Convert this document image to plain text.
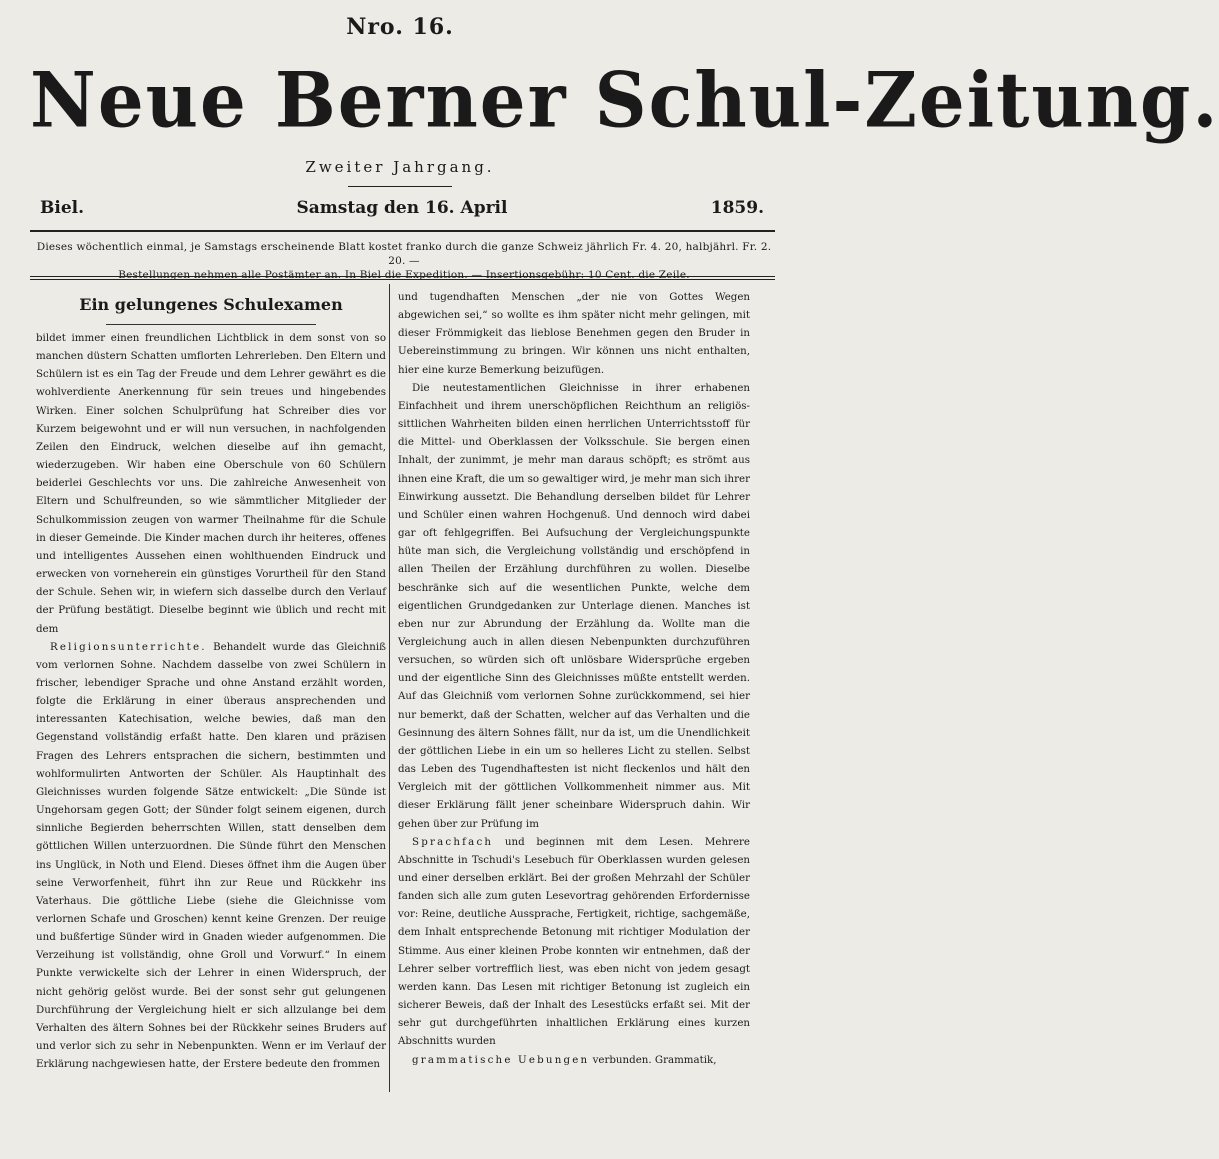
Nro. 16.
Neue Berner Schul-Zeitung.
Zweiter Jahrgang.
Biel.	Samstag den 16. April	1859.
Dieses wöchentlich einmal, je Samstags erscheinende Blatt kostet franko durch die ganze Schweiz jährlich Fr. 4. 20, halbjährl. Fr. 2. 20. —
Bestellungen nehmen alle Postämter an. In Biel die Expedition. — Insertionsgebühr: 10 Cent. die Zeile.
Ein gelungenes Schulexamen

bildet immer einen freundlichen Lichtblick in dem sonst von so manchen düstern Schatten umflorten Lehrerleben. Den Eltern und Schülern ist es ein Tag der Freude und dem Lehrer gewährt es die wohlverdiente Anerkennung für sein treues und hingebendes Wirken. Einer solchen Schulprüfung hat Schreiber dies vor Kurzem beigewohnt und er will nun versuchen, in nachfolgenden Zeilen den Eindruck, welchen dieselbe auf ihn gemacht, wiederzugeben. Wir haben eine Oberschule von 60 Schülern beiderlei Geschlechts vor uns. Die zahlreiche Anwesenheit von Eltern und Schulfreunden, so wie sämmtlicher Mitglieder der Schulkommission zeugen von warmer Theilnahme für die Schule in dieser Gemeinde. Die Kinder machen durch ihr heiteres, offenes und intelligentes Aussehen einen wohlthuenden Eindruck und erwecken von vorneherein ein günstiges Vorurtheil für den Stand der Schule. Sehen wir, in wiefern sich dasselbe durch den Verlauf der Prüfung bestätigt. Dieselbe beginnt wie üblich und recht mit dem

Religionsunterrichte. Behandelt wurde das Gleichniß vom verlornen Sohne. Nachdem dasselbe von zwei Schülern in frischer, lebendiger Sprache und ohne Anstand erzählt worden, folgte die Erklärung in einer überaus ansprechenden und interessanten Katechisation, welche bewies, daß man den Gegenstand vollständig erfaßt hatte. Den klaren und präzisen Fragen des Lehrers entsprachen die sichern, bestimmten und wohlformulirten Antworten der Schüler. Als Hauptinhalt des Gleichnisses wurden folgende Sätze entwickelt: „Die Sünde ist Ungehorsam gegen Gott; der Sünder folgt seinem eigenen, durch sinnliche Begierden beherrschten Willen, statt denselben dem göttlichen Willen unterzuordnen. Die Sünde führt den Menschen ins Unglück, in Noth und Elend. Dieses öffnet ihm die Augen über seine Verworfenheit, führt ihn zur Reue und Rückkehr ins Vaterhaus. Die göttliche Liebe (siehe die Gleichnisse vom verlornen Schafe und Groschen) kennt keine Grenzen. Der reuige und bußfertige Sünder wird in Gnaden wieder aufgenommen. Die Verzeihung ist vollständig, ohne Groll und Vorwurf.“ In einem Punkte verwickelte sich der Lehrer in einen Widerspruch, der nicht gehörig gelöst wurde. Bei der sonst sehr gut gelungenen Durchführung der Vergleichung hielt er sich allzulange bei dem Verhalten des ältern Sohnes bei der Rückkehr seines Bruders auf und verlor sich zu sehr in Nebenpunkten. Wenn er im Verlauf der Erklärung nachgewiesen hatte, der Erstere bedeute den frommen

und tugendhaften Menschen „der nie von Gottes Wegen abgewichen sei,“ so wollte es ihm später nicht mehr gelingen, mit dieser Frömmigkeit das lieblose Benehmen gegen den Bruder in Uebereinstimmung zu bringen. Wir können uns nicht enthalten, hier eine kurze Bemerkung beizufügen.

Die neutestamentlichen Gleichnisse in ihrer erhabenen Einfachheit und ihrem unerschöpflichen Reichthum an religiös-sittlichen Wahrheiten bilden einen herrlichen Unterrichtsstoff für die Mittel- und Oberklassen der Volksschule. Sie bergen einen Inhalt, der zunimmt, je mehr man daraus schöpft; es strömt aus ihnen eine Kraft, die um so gewaltiger wird, je mehr man sich ihrer Einwirkung aussetzt. Die Behandlung derselben bildet für Lehrer und Schüler einen wahren Hochgenuß. Und dennoch wird dabei gar oft fehlgegriffen. Bei Aufsuchung der Vergleichungspunkte hüte man sich, die Vergleichung vollständig und erschöpfend in allen Theilen der Erzählung durchführen zu wollen. Dieselbe beschränke sich auf die wesentlichen Punkte, welche dem eigentlichen Grundgedanken zur Unterlage dienen. Manches ist eben nur zur Abrundung der Erzählung da. Wollte man die Vergleichung auch in allen diesen Nebenpunkten durchzuführen versuchen, so würden sich oft unlösbare Widersprüche ergeben und der eigentliche Sinn des Gleichnisses müßte entstellt werden. Auf das Gleichniß vom verlornen Sohne zurückkommend, sei hier nur bemerkt, daß der Schatten, welcher auf das Verhalten und die Gesinnung des ältern Sohnes fällt, nur da ist, um die Unendlichkeit der göttlichen Liebe in ein um so helleres Licht zu stellen. Selbst das Leben des Tugendhaftesten ist nicht fleckenlos und hält den Vergleich mit der göttlichen Vollkommenheit nimmer aus. Mit dieser Erklärung fällt jener scheinbare Widerspruch dahin. Wir gehen über zur Prüfung im

Sprachfach und beginnen mit dem Lesen. Mehrere Abschnitte in Tschudi's Lesebuch für Oberklassen wurden gelesen und einer derselben erklärt. Bei der großen Mehrzahl der Schüler fanden sich alle zum guten Lesevortrag gehörenden Erfordernisse vor: Reine, deutliche Aussprache, Fertigkeit, richtige, sachgemäße, dem Inhalt entsprechende Betonung mit richtiger Modulation der Stimme. Aus einer kleinen Probe konnten wir entnehmen, daß der Lehrer selber vortrefflich liest, was eben nicht von jedem gesagt werden kann. Das Lesen mit richtiger Betonung ist zugleich ein sicherer Beweis, daß der Inhalt des Lesestücks erfaßt sei. Mit der sehr gut durchgeführten inhaltlichen Erklärung eines kurzen Abschnitts wurden

grammatische Uebungen verbunden. Grammatik,
